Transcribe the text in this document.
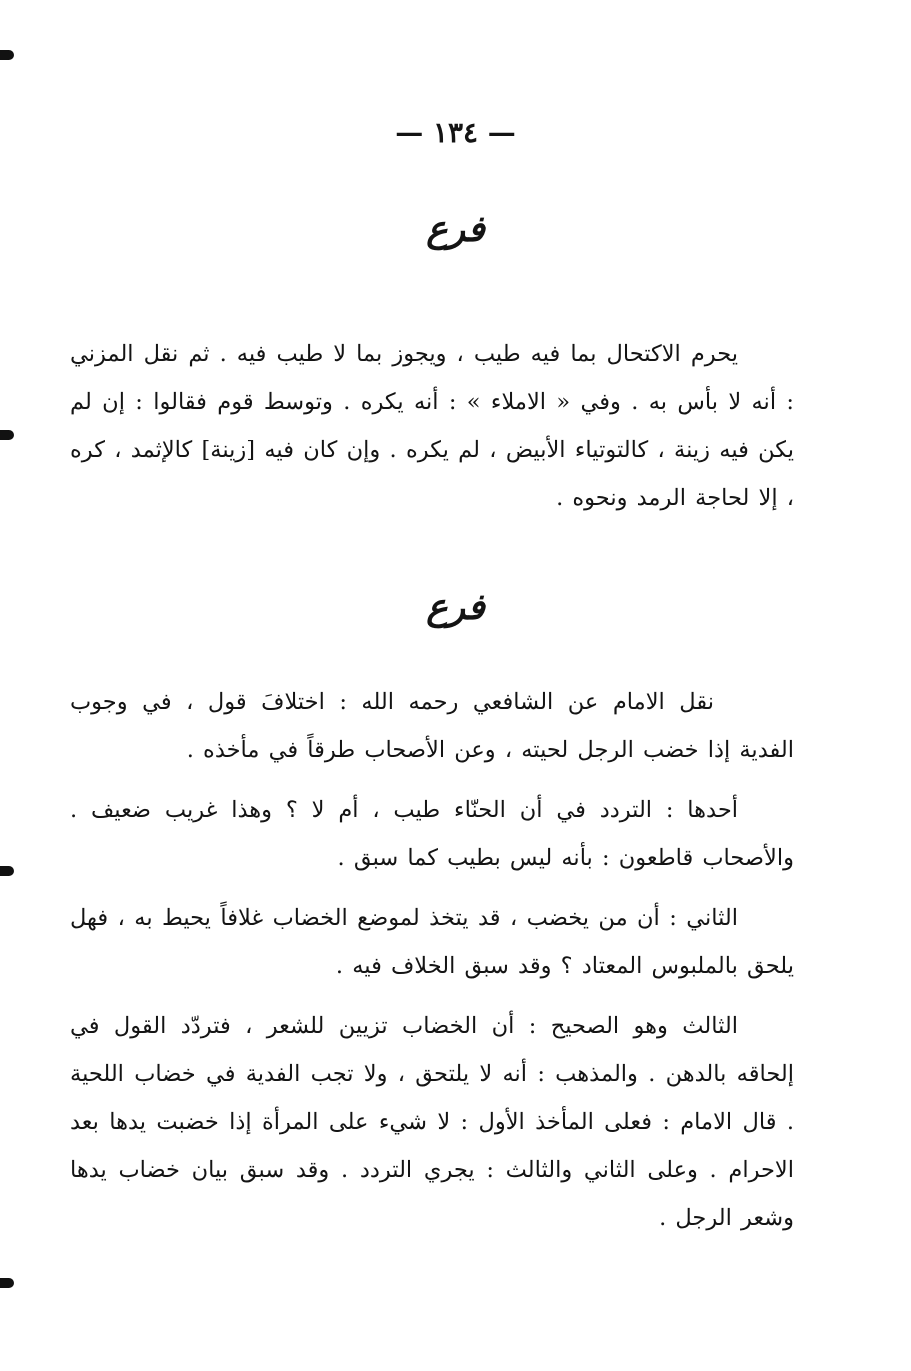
— ١٣٤ —
فرع

يحرم الاكتحال بما فيه طيب ، ويجوز بما لا طيب فيه . ثم نقل المزني : أنه لا بأس به . وفي « الاملاء » : أنه يكره . وتوسط قوم فقالوا : إن لم يكن فيه زينة ، كالتوتياء الأبيض ، لم يكره . وإن كان فيه [زينة] كالإثمد ، كره ، إلا لحاجة الرمد ونحوه .

فرع

نقل الامام عن الشافعي رحمه الله : اختلافَ قول ، في وجوب الفدية إذا خضب الرجل لحيته ، وعن الأصحاب طرقاً في مأخذه .

أحدها : التردد في أن الحنّاء طيب ، أم لا ؟ وهذا غريب ضعيف . والأصحاب قاطعون : بأنه ليس بطيب كما سبق .

الثاني : أن من يخضب ، قد يتخذ لموضع الخضاب غلافاً يحيط به ، فهل يلحق بالملبوس المعتاد ؟ وقد سبق الخلاف فيه .

الثالث وهو الصحيح : أن الخضاب تزيين للشعر ، فتردّد القول في إلحاقه بالدهن . والمذهب : أنه لا يلتحق ، ولا تجب الفدية في خضاب اللحية . قال الامام : فعلى المأخذ الأول : لا شيء على المرأة إذا خضبت يدها بعد الاحرام . وعلى الثاني والثالث : يجري التردد . وقد سبق بيان خضاب يدها وشعر الرجل .
